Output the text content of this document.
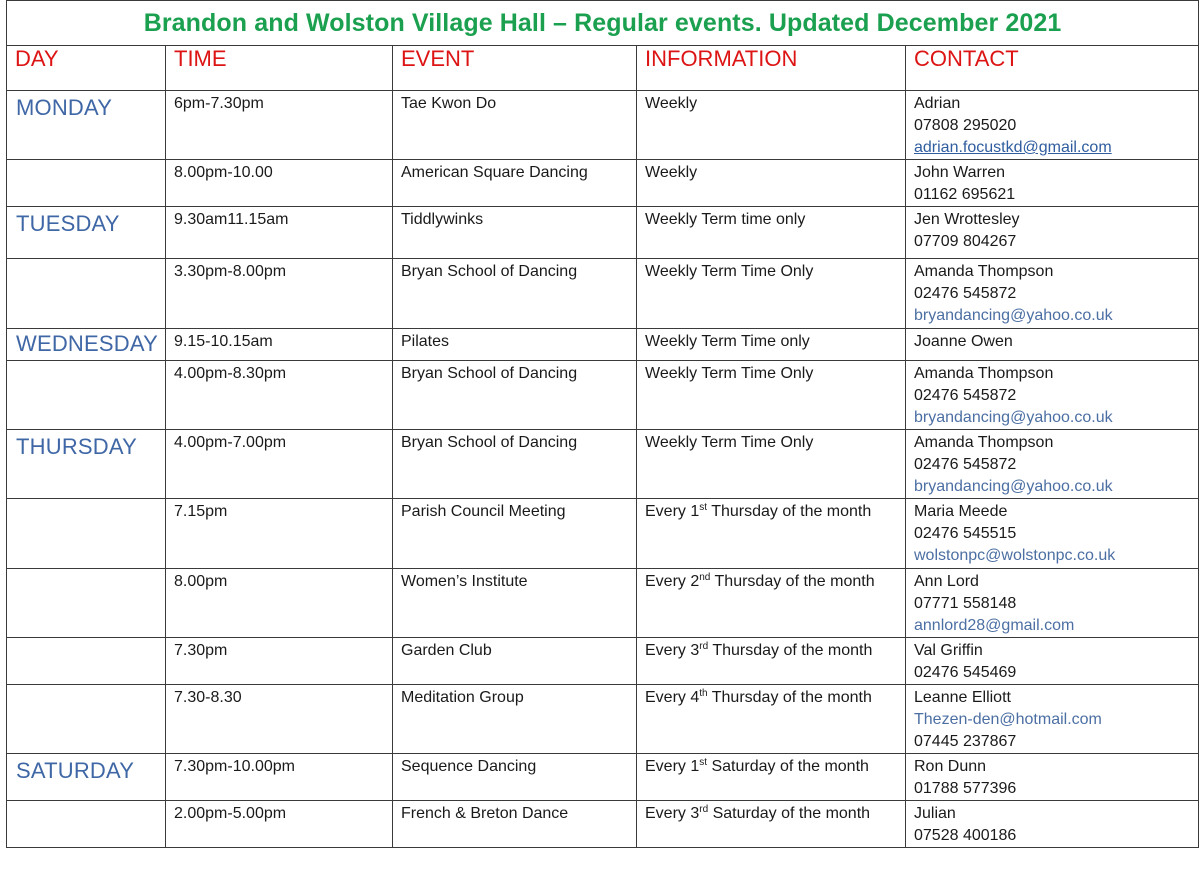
Brandon and Wolston Village Hall – Regular events. Updated December 2021				
DAY	TIME	EVENT	INFORMATION	CONTACT
MONDAY	6pm-7.30pm	Tae Kwon Do	Weekly	Adrian
07808 295020
adrian.focustkd@gmail.com

	8.00pm-10.00	American Square Dancing	Weekly	John Warren
01162 695621

TUESDAY	9.30am11.15am	Tiddlywinks	Weekly Term time only	Jen Wrottesley
07709 804267

	3.30pm-8.00pm	Bryan School of Dancing	Weekly Term Time Only	Amanda Thompson
02476 545872
bryandancing@yahoo.co.uk

WEDNESDAY	9.15-10.15am	Pilates	Weekly Term Time only	Joanne Owen

	4.00pm-8.30pm	Bryan School of Dancing	Weekly Term Time Only	Amanda Thompson
02476 545872
bryandancing@yahoo.co.uk

THURSDAY	4.00pm-7.00pm	Bryan School of Dancing	Weekly Term Time Only	Amanda Thompson
02476 545872
bryandancing@yahoo.co.uk

	7.15pm	Parish Council Meeting	Every 1st Thursday of the month	Maria Meede
02476 545515
wolstonpc@wolstonpc.co.uk

	8.00pm	Women’s Institute	Every 2nd Thursday of the month	Ann Lord
07771 558148
annlord28@gmail.com

	7.30pm	Garden Club	Every 3rd Thursday of the month	Val Griffin
02476 545469

	7.30-8.30	Meditation Group	Every 4th Thursday of the month	Leanne Elliott
Thezen-den@hotmail.com
07445 237867

SATURDAY	7.30pm-10.00pm	Sequence Dancing	Every 1st Saturday of the month	Ron Dunn
01788 577396

	2.00pm-5.00pm	French & Breton Dance	Every 3rd Saturday of the month	Julian
07528 400186
